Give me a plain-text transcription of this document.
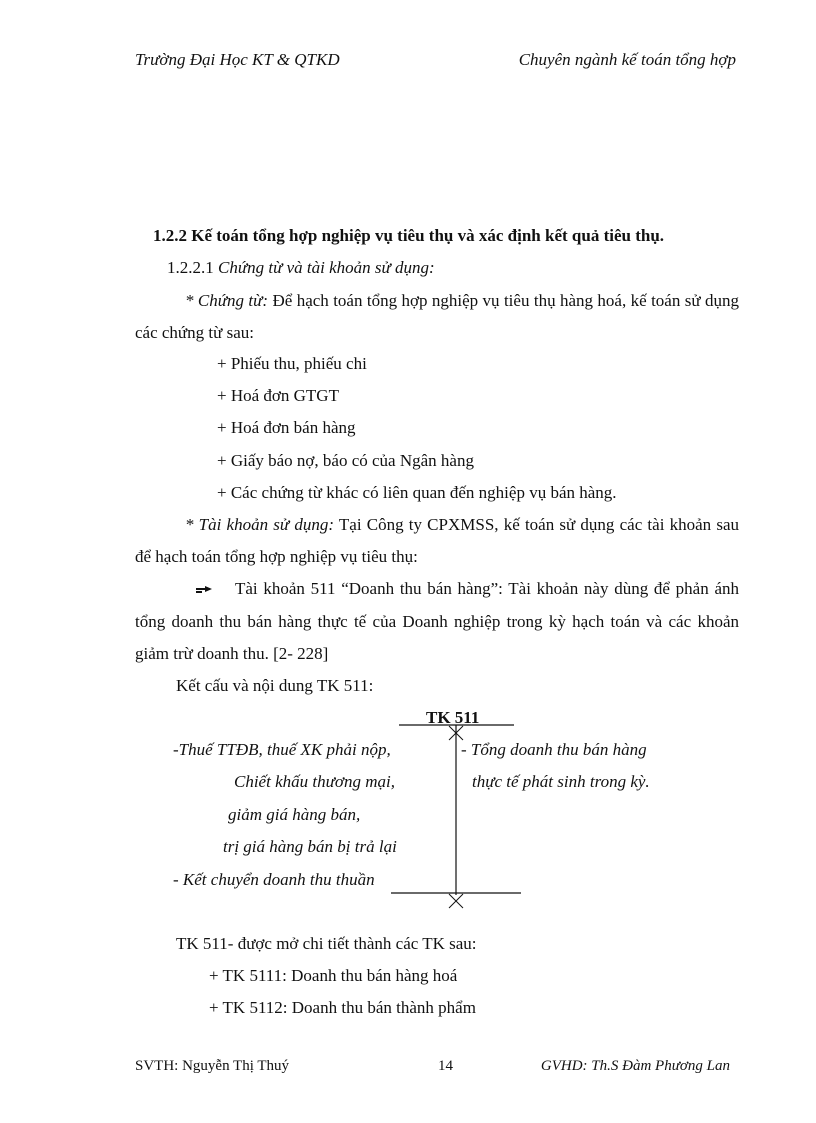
Trường Đại Học KT & QTKD	Chuyên ngành kế toán tổng hợp
1.2.2 Kế toán tổng hợp nghiệp vụ tiêu thụ và xác định kết quả tiêu thụ.
1.2.2.1 Chứng từ và tài khoản sử dụng:
* Chứng từ: Để hạch toán tổng hợp nghiệp vụ tiêu thụ hàng hoá, kế toán sử dụng các chứng từ sau:
+ Phiếu thu, phiếu chi
+ Hoá đơn GTGT
+ Hoá đơn bán hàng
+ Giấy báo nợ, báo có của Ngân hàng
+ Các chứng từ khác có liên quan đến nghiệp vụ bán hàng.
* Tài khoản sử dụng: Tại Công ty CPXMSS, kế toán sử dụng các tài khoản sau để hạch toán tổng hợp nghiệp vụ tiêu thụ:
Tài khoản 511 “Doanh thu bán hàng”: Tài khoản này dùng để phản ánh tổng doanh thu bán hàng thực tế của Doanh nghiệp trong kỳ hạch toán và các khoản giảm trừ doanh thu. [2- 228]
Kết cấu và nội dung TK 511:
TK 511
-Thuế TTĐB, thuế XK phải nộp,
Chiết khấu thương mại,
giảm giá hàng bán,
trị giá hàng bán bị trả lại
- Kết chuyển doanh thu thuần
- Tổng doanh thu bán hàng
thực tế phát sinh trong kỳ.
TK 511- được mở chi tiết thành các TK sau:
+ TK 5111: Doanh thu bán hàng hoá
+ TK 5112: Doanh thu bán thành phẩm
SVTH: Nguyễn Thị Thuý	14	GVHD: Th.S Đàm Phương Lan
